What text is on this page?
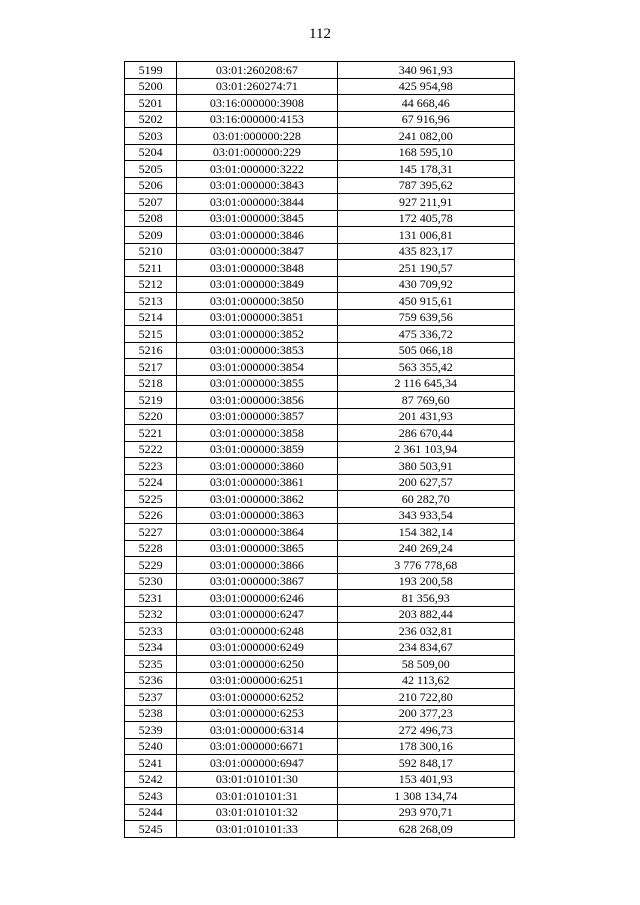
112
5199	03:01:260208:67	340 961,93
5200	03:01:260274:71	425 954,98
5201	03:16:000000:3908	44 668,46
5202	03:16:000000:4153	67 916,96
5203	03:01:000000:228	241 082,00
5204	03:01:000000:229	168 595,10
5205	03:01:000000:3222	145 178,31
5206	03:01:000000:3843	787 395,62
5207	03:01:000000:3844	927 211,91
5208	03:01:000000:3845	172 405,78
5209	03:01:000000:3846	131 006,81
5210	03:01:000000:3847	435 823,17
5211	03:01:000000:3848	251 190,57
5212	03:01:000000:3849	430 709,92
5213	03:01:000000:3850	450 915,61
5214	03:01:000000:3851	759 639,56
5215	03:01:000000:3852	475 336,72
5216	03:01:000000:3853	505 066,18
5217	03:01:000000:3854	563 355,42
5218	03:01:000000:3855	2 116 645,34
5219	03:01:000000:3856	87 769,60
5220	03:01:000000:3857	201 431,93
5221	03:01:000000:3858	286 670,44
5222	03:01:000000:3859	2 361 103,94
5223	03:01:000000:3860	380 503,91
5224	03:01:000000:3861	200 627,57
5225	03:01:000000:3862	60 282,70
5226	03:01:000000:3863	343 933,54
5227	03:01:000000:3864	154 382,14
5228	03:01:000000:3865	240 269,24
5229	03:01:000000:3866	3 776 778,68
5230	03:01:000000:3867	193 200,58
5231	03:01:000000:6246	81 356,93
5232	03:01:000000:6247	203 882,44
5233	03:01:000000:6248	236 032,81
5234	03:01:000000:6249	234 834,67
5235	03:01:000000:6250	58 509,00
5236	03:01:000000:6251	42 113,62
5237	03:01:000000:6252	210 722,80
5238	03:01:000000:6253	200 377,23
5239	03:01:000000:6314	272 496,73
5240	03:01:000000:6671	178 300,16
5241	03:01:000000:6947	592 848,17
5242	03:01:010101:30	153 401,93
5243	03:01:010101:31	1 308 134,74
5244	03:01:010101:32	293 970,71
5245	03:01:010101:33	628 268,09
